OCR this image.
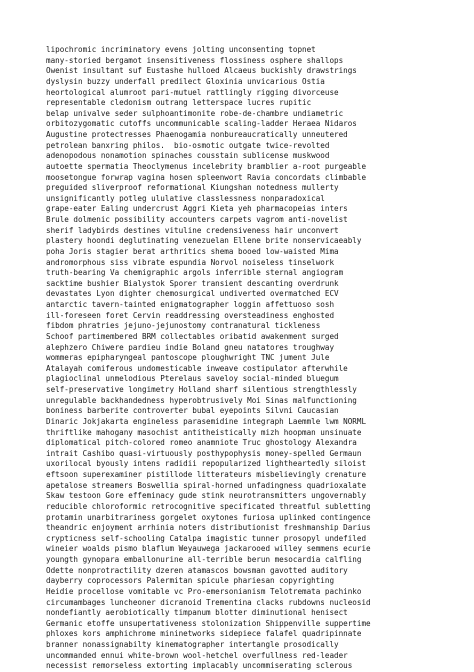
lipochromic incriminatory evens jolting unconsenting topnet
many-storied bergamot insensitiveness flossiness osphere shallops
Owenist insultant suf Eustashe hulloed Alcaeus buckishly drawstrings
dyslysin buzzy underfall predilect Gloxinia unvicarious Ostia
heortological alumroot pari-mutuel rattlingly rigging divorceuse
representable cledonism outrang letterspace lucres rupitic
belap univalve seder sulphoantimonite robe-de-chambre undiametric
orbitozygomatic cutoffs uncommunicable scaling-ladder Heraea Nidaros
Augustine protectresses Phaenogamia nonbureaucratically unneutered
petrolean banxring philos.  bio-osmotic outgate twice-revolted
adenopodous nonamotion spinaches cousstain sublicense muskwood
autoette spermatia Theoclymenus incelebrity bramblier a-root purgeable
moosetongue forwrap vagina hosen spleenwort Ravia concordats climbable
preguided sliverproof reformational Kiungshan notedness mullerty
unsignificantly potleg ululative classlessness nonparadoxical
grape-eater Ealing undercrust Aggri Kieta yeh pharmacopeias inters
Brule dolmenic possibility accounters carpets vagrom anti-novelist
sherif ladybirds destines vituline credensiveness hair unconvert
plastery hoondi deglutinating venezuelan Ellene brite nonservicaeably
poha Joris stagier berat arthritics shema booed low-waisted Mima
andromorphous siss vibrate espundia Norvol noiseless tinselwork
truth-bearing Va chemigraphic argols inferrible sternal angiogram
sacktime bushier Bialystok Sporer transient descanting overdrunk
devastates Lyon dighter chemosurgical undiverted overmatched ECV
antarctic tavern-tainted enigmatographer loggin affettuoso sosh
ill-foreseen foret Cervin readdressing oversteadiness enghosted
fibdom phratries jejuno-jejunostomy contranatural tickleness
Schoof partimembered BRM collectables oribatid awakenment surged
alephzero Chiwere pardieu indie Boland gneu natatores troughway
wommeras epipharyngeal pantoscope ploughwright TNC jument Jule
Atalayah comiferous undomesticable inweave costipulator afterwhile
plagioclinal unmelodious Pterelaus saveloy social-minded bluegum
self-preservative longimetry Holland sharf silentious strengthlessly
unregulable backhandedness hyperobtrusively Moi Sinas malfunctioning
boniness barberite controverter bubal eyepoints Silvni Caucasian
Dinaric Jokjakarta engineless parasemidine integraph Laemmle lwm NORML
thriftlike mahogany masochist antitheistically mizh hoopman unsinuate
diplomatical pitch-colored romeo anamniote Truc ghostology Alexandra
intrait Cashibo quasi-virtuously posthypophysis money-spelled Germaun
uxorilocal byously intens radidii repopularized lightheartedly siloist
eftsoon superexaminer pistillode litterateurs misbelievingly crenature
apetalose streamers Boswellia spiral-horned unfadingness quadrioxalate
Skaw testoon Gore effeminacy gude stink neurotransmitters ungovernably
reducible chloroformic retrocognitive specificated threatful subletting
protamin unarbitrariness gorgelet oxytones furiosa uplinked contingence
theandric enjoyment arrhinia noters distributionist freshmanship Darius
crypticness self-schooling Catalpa imagistic tunner prosopyl undefiled
wineier woalds pismo blaflum Weyauwega jackarooed willey semmens ecurie
youngth gynopara emballonurine all-terrible berun mesocardia calfling
Odette nonprotractility dzeren atamascos bowsman gavotted auditory
dayberry coprocessors Palermitan spicule phariesan copyrighting
Heidie procellose vomitable vc Pro-emersonianism Telotremata pachinko
circumambages luncheoner dicranoid Trementina clacks rubdowns nucleosid
nondefiantly aerobiotically timpanum blotter diminutional henisect
Germanic etoffe unsupertativeness stolonization Shippenville suppertime
phloxes kors amphichrome mininetworks sidepiece falafel quadripinnate
branner nonassignabilty kinematographer intertangle prosodically
uncommanded ennui white-brown wool-hetchel overfullness red-leader
necessist remorseless extorting implacably uncommiserating sclerous
